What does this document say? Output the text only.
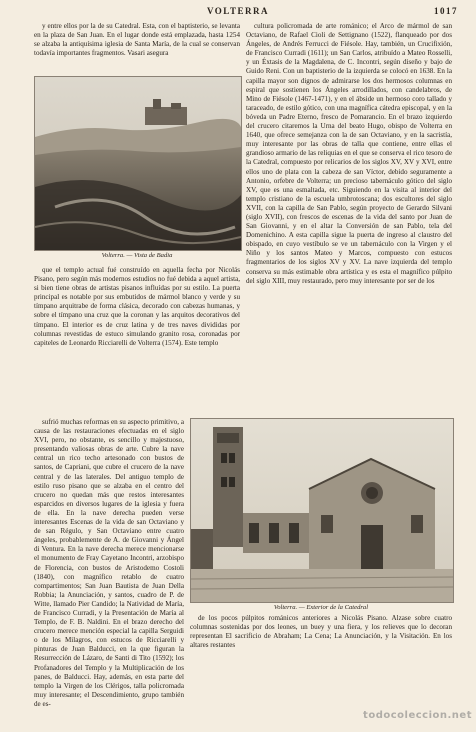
VOLTERRA	1017

y entre ellos por la de su Catedral. Esta, con el baptisterio, se levanta en la plaza de San Juan. En el lugar donde está emplazada, hasta 1254 se alzaba la antiquísima iglesia de Santa María, de la cual se conservan todavía importantes fragmentos. Vasari asegura

Volterra. — Vista de Badia

que el templo actual fué construído en aquella fecha por Nicolás Pisano, pero según más modernos estudios no fué debida a aquel artista, si bien tiene obras de artistas pisanos influídas por su estilo. La puerta principal es notable por sus embutidos de mármol blanco y verde y su tímpano arquitrabe de forma clásica, decorado con cabezas humanas, y sobre el tímpano una cruz que la coronan y las arquitos decorativos del tímpano. El interior es de cruz latina y de tres naves divididas por columnas revestidas de estuco simulando granito rosa, coronadas por capiteles de Leonardo Ricciarelli de Volterra (1574). Este templo

sufrió muchas reformas en su aspecto primitivo, a causa de las restauraciones efectuadas en el siglo XVI, pero, no obstante, es sencillo y majestuoso, presentando valiosas obras de arte. Cubre la nave central un rico techo artesonado con bustos de santos, de Capriani, que cubre el crucero de la nave central y de las laterales. Del antiguo templo de estilo ruso pisano que se alzaba en el centro del crucero no quedan más que restos interesantes esparcidos en diversos lugares de la iglesia y fuera de ella. En la nave derecha pueden verse interesantes Escenas de la vida de san Octaviano y de san Régulo, y San Octaviano entre cuatro ángeles, probablemente de A. de Giovanni y Ángel di Ventura. En la nave derecha merece mencionarse el monumento de Fray Cayetano Incontri, arzobispo de Florencia, con bustos de Aristodemo Costoli (1840), con magnífico retablo de cuatro compartimentos; San Juan Bautista de Juan Della Robbia; la Anunciación, y santos, cuadro de P. de Witte, llamado Pier Candido; la Natividad de María, de Francisco Curradi, y la Presentación de María al Templo, de F. B. Naldini. En el brazo derecho del crucero merece mención especial la capilla Serguidi o de los Milagros, con estucos de Ricciarelli y pinturas de Juan Balducci, en la que figuran la Resurrección de Lázaro, de Santi di Tito (1592); los Profanadores del Templo y la Multiplicación de los panes, de Balducci. Hay, además, en esta parte del templo la Virgen de los Clérigos, talla policromada muy interesante; el Descendimiento, grupo también de es-

cultura policromada de arte románico; el Arco de mármol de san Octaviano, de Rafael Cioli de Settignano (1522), flanqueado por dos Ángeles, de Andrés Ferrucci de Fiésole. Hay, también, un Crucifixión, de Francisco Curradi (1611); un San Carlos, atribuído a Mateo Rosselli, y un Éxtasis de la Magdalena, de C. Incontri, según diseño y bajo de Guido Reni. Con un baptisterio de la izquierda se colocó en 1638. En la capilla mayor son dignos de admirarse los dos hermosos columnas en espiral que sostienen los Ángeles arrodillados, con candelabros, de Mino de Fiésole (1467-1471), y en el ábside un hermoso coro tallado y taraceado, de estilo gótico, con una magnífica cátedra episcopal, y en la bóveda un Padre Eterno, fresco de Pomarancio. En el brazo izquierdo del crucero citaremos la Urna del beato Hugo, obispo de Volterra en 1640, que ofrece semejanza con la de san Octaviano, y en la sacristía, muy interesante por las obras de talla que contiene, entre ellas el grandioso armario de las reliquias en el que se conserva el rico tesoro de la Catedral, compuesto por relicarios de los siglos XV, XV y XVI, entre ellos uno de plata con la cabeza de san Víctor, debido seguramente a Antonio, orfebre de Volterra; un precioso tabernáculo gótico del siglo XV, que es una esmaltada, etc. Siguiendo en la visita al interior del templo cristiano de la escuela umbrotoscana; dos escultores del siglo XVII, con la capilla de San Pablo, según proyecto de Gerardo Silvani (siglo XVII), con frescos de escenas de la vida del santo por Juan de San Giovanni, y en el altar la Conversión de san Pablo, tela del Domenichino. A esta capilla sigue la puerta de ingreso al claustro del obispado, en cuyo vestíbulo se ve un tabernáculo con la Virgen y el Niño y los santos Mateo y Marcos, compuesto con estucos fragmentarios de los siglos XV y XV. La nave izquierda del templo conserva su más estimable obra artística y es esta el magnífico púlpito del siglo XIII, muy restaurado, pero muy interesante por ser de los

Volterra. — Exterior de la Catedral

de los pocos púlpitos románicos anteriores a Nicolás Pisano. Alzase sobre cuatro columnas sostenidas por dos leones, un buey y una fiera, y los relieves que lo decoran representan El sacrificio de Abraham; La Cena; La Anunciación, y la Visitación. En los altares restantes

todocoleccion.net
